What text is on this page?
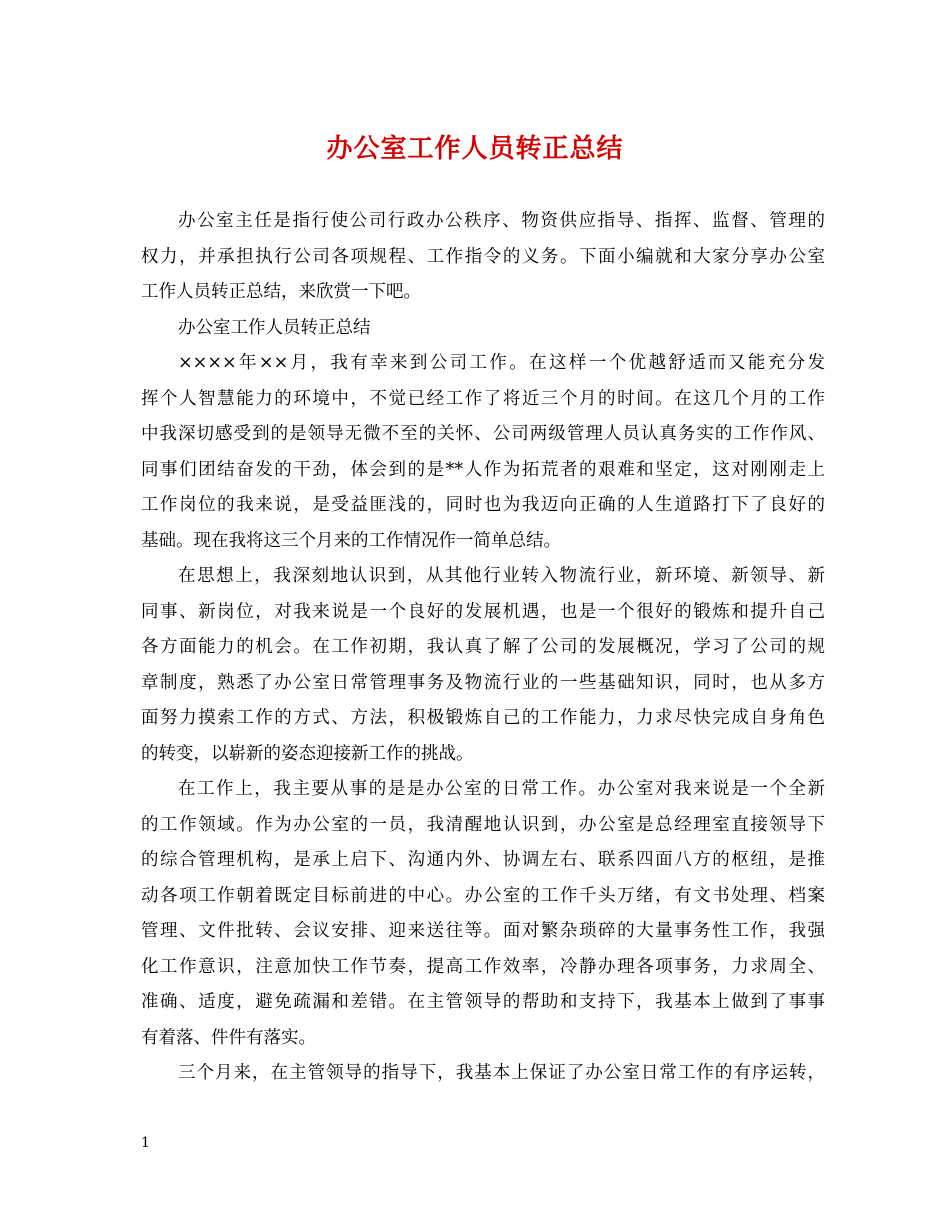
办公室工作人员转正总结
办公室主任是指行使公司行政办公秩序、物资供应指导、指挥、监督、管理的
权力，并承担执行公司各项规程、工作指令的义务。下面小编就和大家分享办公室
工作人员转正总结，来欣赏一下吧。
办公室工作人员转正总结
××××年××月，我有幸来到公司工作。在这样一个优越舒适而又能充分发
挥个人智慧能力的环境中，不觉已经工作了将近三个月的时间。在这几个月的工作
中我深切感受到的是领导无微不至的关怀、公司两级管理人员认真务实的工作作风、
同事们团结奋发的干劲，体会到的是**人作为拓荒者的艰难和坚定，这对刚刚走上
工作岗位的我来说，是受益匪浅的，同时也为我迈向正确的人生道路打下了良好的
基础。现在我将这三个月来的工作情况作一简单总结。
在思想上，我深刻地认识到，从其他行业转入物流行业，新环境、新领导、新
同事、新岗位，对我来说是一个良好的发展机遇，也是一个很好的锻炼和提升自己
各方面能力的机会。在工作初期，我认真了解了公司的发展概况，学习了公司的规
章制度，熟悉了办公室日常管理事务及物流行业的一些基础知识，同时，也从多方
面努力摸索工作的方式、方法，积极锻炼自己的工作能力，力求尽快完成自身角色
的转变，以崭新的姿态迎接新工作的挑战。
在工作上，我主要从事的是是办公室的日常工作。办公室对我来说是一个全新
的工作领域。作为办公室的一员，我清醒地认识到，办公室是总经理室直接领导下
的综合管理机构，是承上启下、沟通内外、协调左右、联系四面八方的枢纽，是推
动各项工作朝着既定目标前进的中心。办公室的工作千头万绪，有文书处理、档案
管理、文件批转、会议安排、迎来送往等。面对繁杂琐碎的大量事务性工作，我强
化工作意识，注意加快工作节奏，提高工作效率，冷静办理各项事务，力求周全、
准确、适度，避免疏漏和差错。在主管领导的帮助和支持下，我基本上做到了事事
有着落、件件有落实。
三个月来，在主管领导的指导下，我基本上保证了办公室日常工作的有序运转，
1
